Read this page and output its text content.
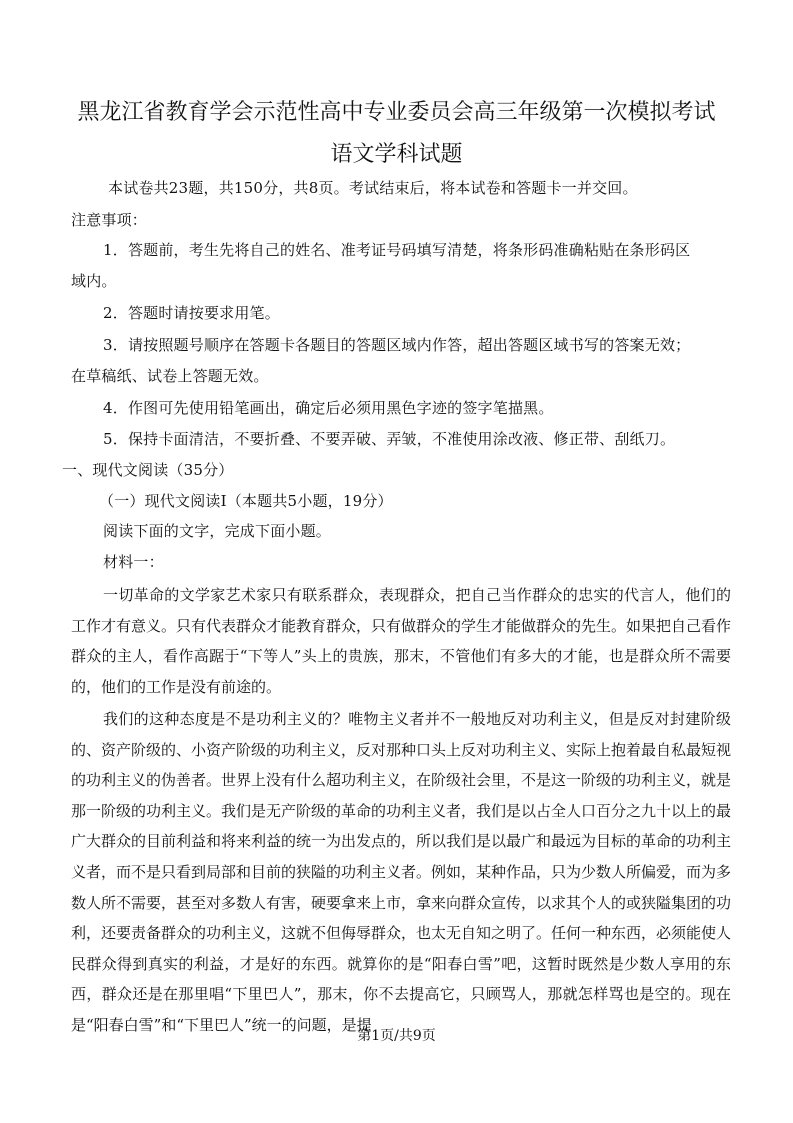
黑龙江省教育学会示范性高中专业委员会高三年级第一次模拟考试
语文学科试题
本试卷共23题，共150分，共8页。考试结束后，将本试卷和答题卡一并交回。
注意事项：
1．答题前，考生先将自己的姓名、准考证号码填写清楚，将条形码准确粘贴在条形码区
域内。
2．答题时请按要求用笔。
3．请按照题号顺序在答题卡各题目的答题区域内作答，超出答题区域书写的答案无效；
在草稿纸、试卷上答题无效。
4．作图可先使用铅笔画出，确定后必须用黑色字迹的签字笔描黑。
5．保持卡面清洁，不要折叠、不要弄破、弄皱，不准使用涂改液、修正带、刮纸刀。
一、现代文阅读（35分）
（一）现代文阅读Ⅰ（本题共5小题，19分）
阅读下面的文字，完成下面小题。
材料一：
一切革命的文学家艺术家只有联系群众，表现群众，把自己当作群众的忠实的代言人，他们的工作才有意义。只有代表群众才能教育群众，只有做群众的学生才能做群众的先生。如果把自己看作群众的主人，看作高踞于“下等人”头上的贵族，那末，不管他们有多大的才能，也是群众所不需要的，他们的工作是没有前途的。
我们的这种态度是不是功利主义的？唯物主义者并不一般地反对功利主义，但是反对封建阶级的、资产阶级的、小资产阶级的功利主义，反对那种口头上反对功利主义、实际上抱着最自私最短视的功利主义的伪善者。世界上没有什么超功利主义，在阶级社会里，不是这一阶级的功利主义，就是那一阶级的功利主义。我们是无产阶级的革命的功利主义者，我们是以占全人口百分之九十以上的最广大群众的目前利益和将来利益的统一为出发点的，所以我们是以最广和最远为目标的革命的功利主义者，而不是只看到局部和目前的狭隘的功利主义者。例如，某种作品，只为少数人所偏爱，而为多数人所不需要，甚至对多数人有害，硬要拿来上市，拿来向群众宣传，以求其个人的或狭隘集团的功利，还要责备群众的功利主义，这就不但侮辱群众，也太无自知之明了。任何一种东西，必须能使人民群众得到真实的利益，才是好的东西。就算你的是“阳春白雪”吧，这暂时既然是少数人享用的东西，群众还是在那里唱“下里巴人”，那末，你不去提高它，只顾骂人，那就怎样骂也是空的。现在是“阳春白雪”和“下里巴人”统一的问题，是提
第1页/共9页
